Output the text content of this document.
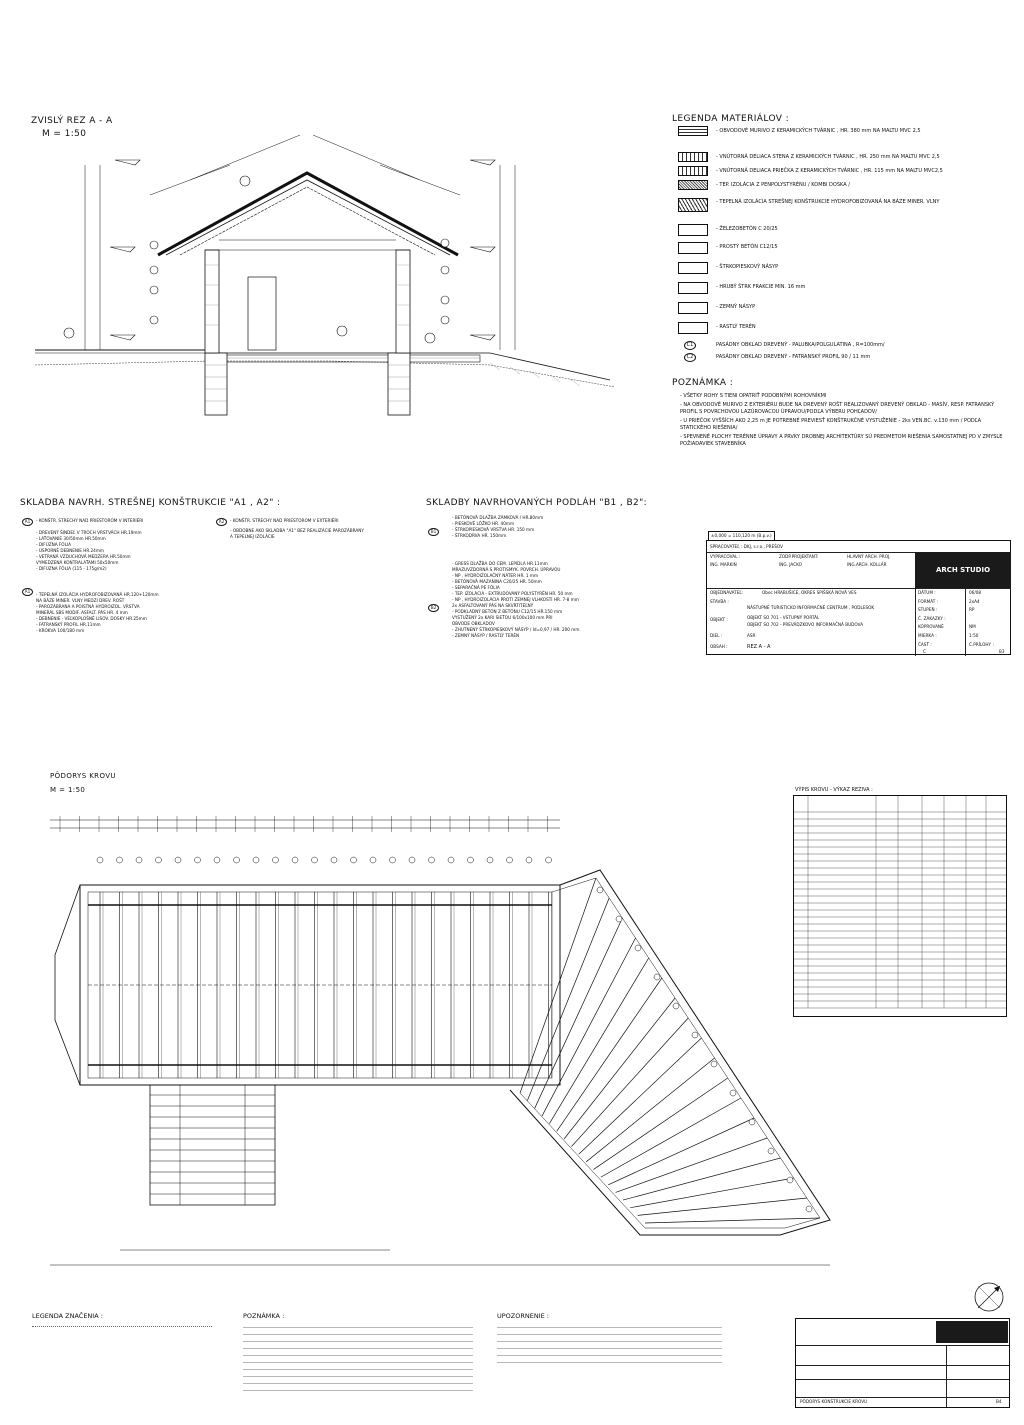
ZVISLÝ REZ A - A
M = 1:50
LEGENDA MATERIÁLOV :
- OBVODOVÉ MURIVO Z KERAMICKÝCH TVÁRNIC , HR. 380 mm NA MALTU MVC 2,5
- VNÚTORNÁ DELIACA STENA Z KERAMICKÝCH TVÁRNIC , HR. 250 mm NA MALTU MVC 2,5
- VNÚTORNÁ DELIACA PRIEČKA Z KERAMICKÝCH TVÁRNIC , HR. 115 mm NA MALTU MVC2,5
- TEP. IZOLÁCIA Z PENPOLYSTYRÉNU / KOMBI DOSKA /
- TEPELNÁ IZOLÁCIA STREŠNEJ KONŠTRUKCIE HYDROFOBIZOVANÁ NA BÁZE MINER. VLNY
- ŽELEZOBETÓN C 20/25
- PROSTÝ BETÓN C12/15
- ŠTRKOPIESKOVÝ NÁSYP
- HRUBÝ ŠTRK FRAKCIE MIN. 16 mm
- ZEMNÝ NÁSYP
- RASTLÝ TERÉN
C1	PASÁDNY OBKLAD DREVENÝ - PALUBKA/POLGULATINA , R=100mm/
C2	PASÁDNY OBKLAD DREVENÝ - FATRANSKÝ PROFIL 90 / 11 mm
POZNÁMKA :
- VŠETKY ROHY S TIENI OPATRIŤ PODOBNÝMI ROHOVNÍKMI
- NA OBVODOVÉ MURIVO Z EXTERIÉRU BUDE NA DREVENÝ ROŠT REALIZOVANÝ DREVENÝ OBKLAD - MASÍV, RESP. FATRANSKÝ PROFIL S POVRCHOVOU LAZÚROVACOU ÚPRAVOU/PODĽA VÝBERU POHĽADOV/
- U PRIEČOK VYŠŠÍCH AKO 2,25 m JE POTREBNÉ PREVIESŤ KONŠTRUKČNÉ VYSTUŽENIE - 2ks VEN.BC. v.130 mm / PODĽA STATICKÉHO RIEŠENIA/
- SPEVNENÉ PLOCHY TERÉNNE ÚPRAVY A PRVKY DROBNEJ ARCHITEKTÚRY SÚ PREDMETOM RIEŠENIA SAMOSTATNEJ PD V ZMYSLE POŽIADAVIEK STAVEBNÍKA
SKLADBA NAVRH. STREŠNEJ KONŠTRUKCIE "A1 , A2" :
A1	- KONŠTR. STRECHY NAD PRIESTOROM V INTERIÉRI
- DREVENÝ ŠINDEĽ V TROCH VRSTVÁCH HR.19mm
- LAŤOVANIE 30/50mm HR.50mm
- DIFÚZNA FÓLIA
- ÚSPORNÉ DEBNENIE HR.24mm
- VETRANÁ VZDUCHOVÁ MEDZERA HR.50mm
VYMEDZENÁ KONTRALAŤAMI 50x50mm
- DIFÚZNA FÓLIA (115 - 175g/m2)
A1
- TEPELNÁ IZOLÁCIA HYDROFOBIZOVANÁ HR.120+120mm
NA BÁZE MINER. VLNY MEDZI DREV. ROŠT
- PAROZÁBRANA A POISTNÁ HYDROIZOL. VRSTVA
MINERÁL SBS MODIF. ASFALT. PÁS HR. 4 mm
- DEBNENIE - VEĽKOPLOŠNÉ LISOV. DOSKY HR.25mm
- FATRANSKÝ PROFIL HR.11mm
- KROKVA 100/180 mm
A2	- KONŠTR. STRECHY NAD PRIESTOROM V EXTERIÉRI
- OBDOBNE AKO SKLADBA "A1" BEZ REALIZÁCIE PAROZÁBRANY
A TEPELNEJ IZOLÁCIE
SKLADBY NAVRHOVANÝCH PODLÁH "B1 , B2":
B1
- BETÓNOVÁ DLAŽBA ZÁMKOVÁ / HR.80mm
- PIESKOVÉ LÔŽKO HR. 40mm
- ŠTRKOPIESKOVÁ VRSTVA HR. 150 mm
- ŠTRKODRVA HR. 150mm
B2
- GRESS DLAŽBA DO CEM. LEPIDLA HR.11mm
MRAZUVZDORNÁ S PROTISMYK. POVRCH. ÚPRAVOU
- NP , HYDROIZOLAČNÝ NÁTER HR. 1 mm
- BETÓNOVÁ MAZANINA C20/25 HR. 50mm
- SEPARAČNÁ PE FÓLIA
- TEP. IZOLÁCIA - EXTRUDOVANÝ POLYSTYRÉN HR. 50 mm
- NP , HYDROIZOLÁCIA PROTI ZEMNEJ VLHKOSTI HR. 7-8 mm
2x ASFALTOVANÝ PÁS NA SKVRTITEĽNÝ
- PODKLADNÝ BETÓN Z BETÓNU C12/15 HR.150 mm
VYSTUŽENÝ 2x KARI SIEŤOU 6/100x100 mm PRI
OBVODE OBKLADOV
- ZHUTNENÝ ŠTRKOPIESKOVÝ NÁSYP / Id=0,97 / HR. 200 mm
- ZEMNÝ NÁSYP / RASTLÝ TERÉN
±0,000 = 110,120 m (B.p.v.)
SPRACOVATEĽ : DKJ, s.r.o., PREŠOV
VYPRACOVAL :
ING. MARKIN
ZODP.PROJEKTANT:
ING. JACKO
HLAVNÝ ARCH. PROJ.
ING.ARCH. KOLLÁR
ARCH STUDIO
OBJEDNÁVATEĽ:	Obec HRABUŠICE, OKRES SPIŠSKÁ NOVÁ VES
STAVBA :
NÁSTUPNÉ TURISTICKO INFORMAČNÉ CENTRUM , PODLESOK
OBJEKT :	OBJEKT SO 701 - VSTUPNÝ PORTÁL
OBJEKT SO 702 - PREVÁDZKOVO INFORMAČNÁ BUDOVA
DIEL :	ASR
OBSAH :	REZ A - A
DÁTUM :	06/08
FORMÁT :	2xA4
STUPEŇ :	RP
Č. ZÁKAZKY :
KÓPROVANÉ	NM
MIERKA :	1:50
ČASŤ :
C
Č.PRÍLOHY :
B3
PÔDORYS KROVU
M = 1:50	VÝPIS KROVU - VÝKAZ REZIVA :
LEGENDA ZNAČENIA :	POZNÁMKA :	UPOZORNENIE :
PÔDORYS KONŠTRUKCIE KROVU	B4
